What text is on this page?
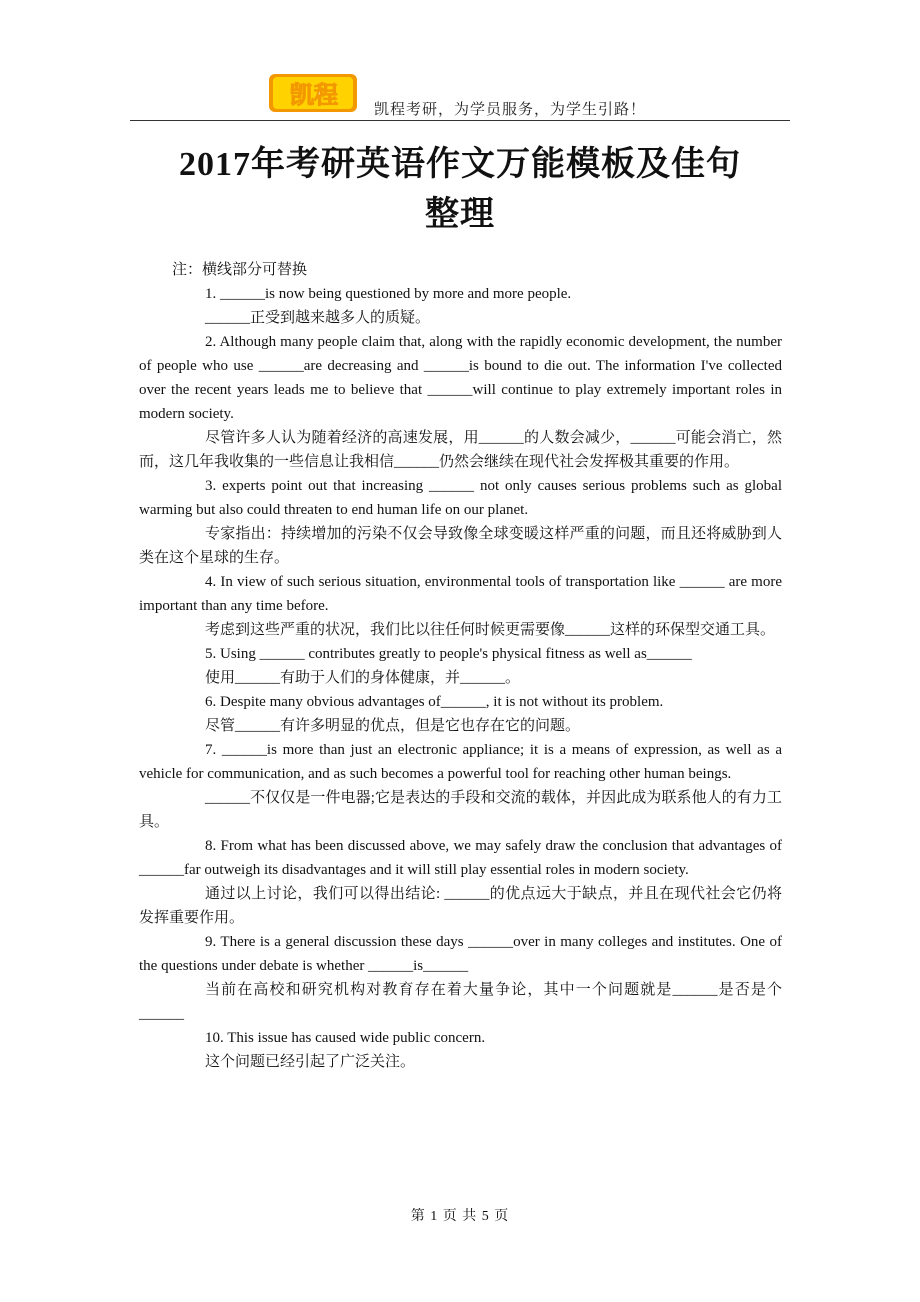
凯程
凯程考研，为学员服务，为学生引路！
2017年考研英语作文万能模板及佳句
整理

注：横线部分可替换

1. ______is now being questioned by more and more people.

______正受到越来越多人的质疑。

2. Although many people claim that, along with the rapidly economic development, the number of people who use ______are decreasing and ______is bound to die out. The information I've collected over the recent years leads me to believe that ______will continue to play extremely important roles in modern society.

尽管许多人认为随着经济的高速发展，用______的人数会减少，______可能会消亡，然而，这几年我收集的一些信息让我相信______仍然会继续在现代社会发挥极其重要的作用。

3. experts point out that increasing ______ not only causes serious problems such as global warming but also could threaten to end human life on our planet.

专家指出：持续增加的污染不仅会导致像全球变暖这样严重的问题，而且还将威胁到人类在这个星球的生存。

4. In view of such serious situation, environmental tools of transportation like ______ are more important than any time before.

考虑到这些严重的状况，我们比以往任何时候更需要像______这样的环保型交通工具。

5. Using ______ contributes greatly to people's physical fitness as well as______

使用______有助于人们的身体健康，并______。

6. Despite many obvious advantages of______, it is not without its problem.

尽管______有许多明显的优点，但是它也存在它的问题。

7. ______is more than just an electronic appliance; it is a means of expression, as well as a vehicle for communication, and as such becomes a powerful tool for reaching other human beings.

______不仅仅是一件电器;它是表达的手段和交流的载体，并因此成为联系他人的有力工具。

8. From what has been discussed above, we may safely draw the conclusion that advantages of ______far outweigh its disadvantages and it will still play essential roles in modern society.

通过以上讨论，我们可以得出结论: ______的优点远大于缺点，并且在现代社会它仍将发挥重要作用。

9. There is a general discussion these days ______over in many colleges and institutes. One of the questions under debate is whether ______is______

当前在高校和研究机构对教育存在着大量争论，其中一个问题就是______是否是个______

10. This issue has caused wide public concern.

这个问题已经引起了广泛关注。

第 1 页 共 5 页
